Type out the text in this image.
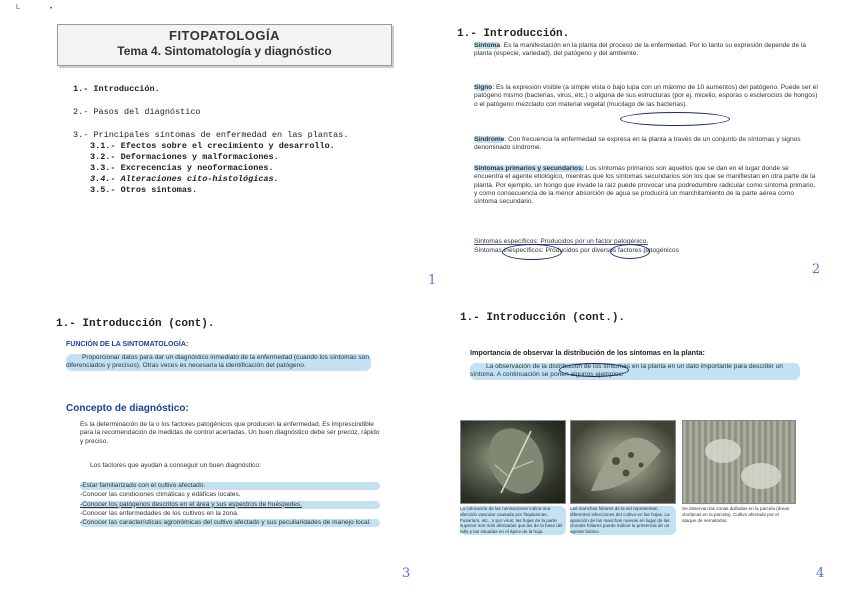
L	•
FITOPATOLOGÍA
Tema 4. Sintomatología y diagnóstico
1.- Introducción.
2.- Pasos del diagnóstico
3.- Principales síntomas de enfermedad en las plantas.
3.1.- Efectos sobre el crecimiento y desarrollo.
3.2.- Deformaciones y malformaciones.
3.3.- Excrecencias y neoformaciones.
3.4.- Alteraciones cito-histológicas.
3.5.- Otros síntomas.
1
1.- Introducción.
Síntoma: Es la manifestación en la planta del proceso de la enfermedad. Por lo tanto su expresión depende de la planta (especie, variedad), del patógeno y del ambiente.
Signo: Es la expresión visible (a simple vista o bajo lupa con un máximo de 10 aumentos) del patógeno. Puede ser el patógeno mismo (bacterias, virus, etc.) o alguna de sus estructuras (por ej. micelio, esporas o esclerocios de hongos) o el patógeno mezclado con material vegetal (mucilago de las bacterias).
Síndrome: Con frecuencia la enfermedad se expresa en la planta a través de un conjunto de síntomas y signos denominado síndrome.
Síntomas primarios y secundarios: Los síntomas primarios son aquellos que se dan en el lugar donde se encuentra el agente etiológico, mientras que los síntomas secundarios son los que se manifiestan en otra parte de la planta. Por ejemplo, un hongo que invade la raíz puede provocar una podredumbre radicular como síntoma primario, y como consecuencia de la menor absorción de agua se producirá un marchitamiento de la parte aérea como síntoma secundario.
Síntomas específicos: Producidos por un factor patogénico.
Síntomas inespecíficos: Producidos por diversos factores patogénicos
2
1.- Introducción (cont).
FUNCIÓN DE LA SINTOMATOLOGÍA:
Proporcionar datos para dar un diagnóstico inmediato de la enfermedad (cuando los síntomas son diferenciados y precisos). Otras veces es necesaria la identificación del patógeno.
Concepto de diagnóstico:
Es la determinación de la o los factores patogénicos que producen la enfermedad. Es imprescindible para la recomendación de medidas de control acertadas. Un buen diagnóstico debe ser precoz, rápido y preciso.
Los factores que ayudan a conseguir un buen diagnóstico:
-Estar familiarizado con el cultivo afectado.
-Conocer las condiciones climáticas y edáficas locales.
-Conocer los patógenos descritos en el área y sus espectros de huéspedes.
-Conocer las enfermedades de los cultivos en la zona.
-Conocer las características agronómicas del cultivo afectado y sus peculiaridades de manejo local.
3
1.- Introducción (cont.).
Importancia de observar la distribución de los síntomas en la planta:
La observación de la distribución de los síntomas en la planta en un dato importante para describir un síntoma. A continuación se ponen algunos ejemplos:
La coloración de las nerviaciones indica una afección vascular causada por fitoplasmas, Fusarium, etc., o por virus; las hojas de la parte superior son más afectadas que las de la base del tallo y las situadas en el ápice de la hoja.
Las manchas foliares de la vid representan diferentes infecciones del cultivo en las hojas. La aparición de las manchas nuevas en lugar de las clorosis foliares puede indicar la presencia de un agente biótico.
Se observan las zonas dañadas en la parcela (áreas cloróticas en la parcela). Cultivo afectado por el ataque de nematodos.
4
